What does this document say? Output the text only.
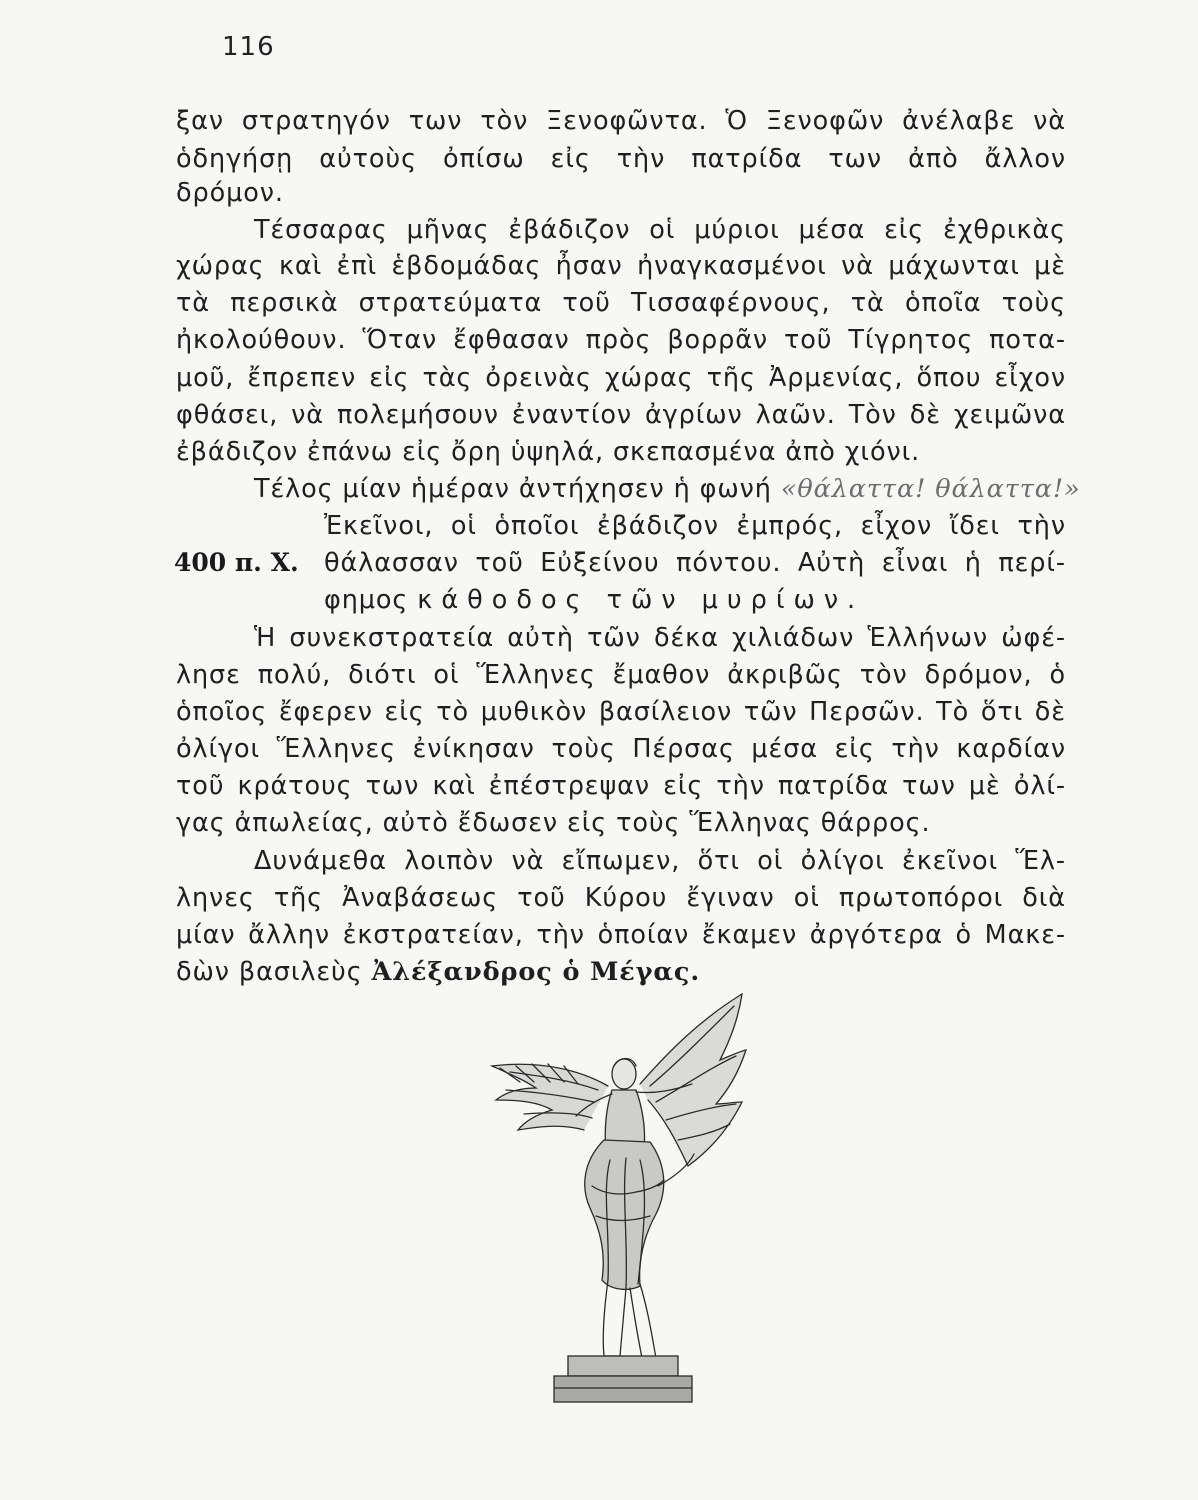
116
ξαν στρατηγόν των τὸν Ξενοφῶντα. Ὁ Ξενοφῶν ἀνέλαβε νὰ
ὁδηγήσῃ αὐτοὺς ὀπίσω εἰς τὴν πατρίδα των ἀπὸ ἄλλον
δρόμον.
Τέσσαρας μῆνας ἐβάδιζον οἱ μύριοι μέσα εἰς ἐχθρικὰς
χώρας καὶ ἐπὶ ἑβδομάδας ἦσαν ἠναγκασμένοι νὰ μάχωνται μὲ
τὰ περσικὰ στρατεύματα τοῦ Τισσαφέρνους, τὰ ὁποῖα τοὺς
ἠκολούθουν. Ὅταν ἔφθασαν πρὸς βορρᾶν τοῦ Τίγρητος ποτα-
μοῦ, ἔπρεπεν εἰς τὰς ὀρεινὰς χώρας τῆς Ἀρμενίας, ὅπου εἶχον
φθάσει, νὰ πολεμήσουν ἐναντίον ἀγρίων λαῶν. Τὸν δὲ χειμῶνα
ἐβάδιζον ἐπάνω εἰς ὄρη ὑψηλά, σκεπασμένα ἀπὸ χιόνι.
Τέλος μίαν ἡμέραν ἀντήχησεν ἡ φωνή «θάλαττα! θάλαττα!»
Ἐκεῖνοι, οἱ ὁποῖοι ἐβάδιζον ἐμπρός, εἶχον ἴδει τὴν
θάλασσαν τοῦ Εὐξείνου πόντου. Αὐτὴ εἶναι ἡ περί-
φημος κάθοδος τῶν μυρίων.
Ἡ συνεκστρατεία αὐτὴ τῶν δέκα χιλιάδων Ἑλλήνων ὠφέ-
λησε πολύ, διότι οἱ Ἕλληνες ἔμαθον ἀκριβῶς τὸν δρόμον, ὁ
ὁποῖος ἔφερεν εἰς τὸ μυθικὸν βασίλειον τῶν Περσῶν. Τὸ ὅτι δὲ
ὀλίγοι Ἕλληνες ἐνίκησαν τοὺς Πέρσας μέσα εἰς τὴν καρδίαν
τοῦ κράτους των καὶ ἐπέστρεψαν εἰς τὴν πατρίδα των μὲ ὀλί-
γας ἀπωλείας, αὐτὸ ἔδωσεν εἰς τοὺς Ἕλληνας θάρρος.
Δυνάμεθα λοιπὸν νὰ εἴπωμεν, ὅτι οἱ ὀλίγοι ἐκεῖνοι Ἕλ-
ληνες τῆς Ἀναβάσεως τοῦ Κύρου ἔγιναν οἱ πρωτοπόροι διὰ
μίαν ἄλλην ἐκστρατείαν, τὴν ὁποίαν ἔκαμεν ἀργότερα ὁ Μακε-
δὼν βασιλεὺς Ἀλέξανδρος ὁ Μέγας.
400 π. Χ.
